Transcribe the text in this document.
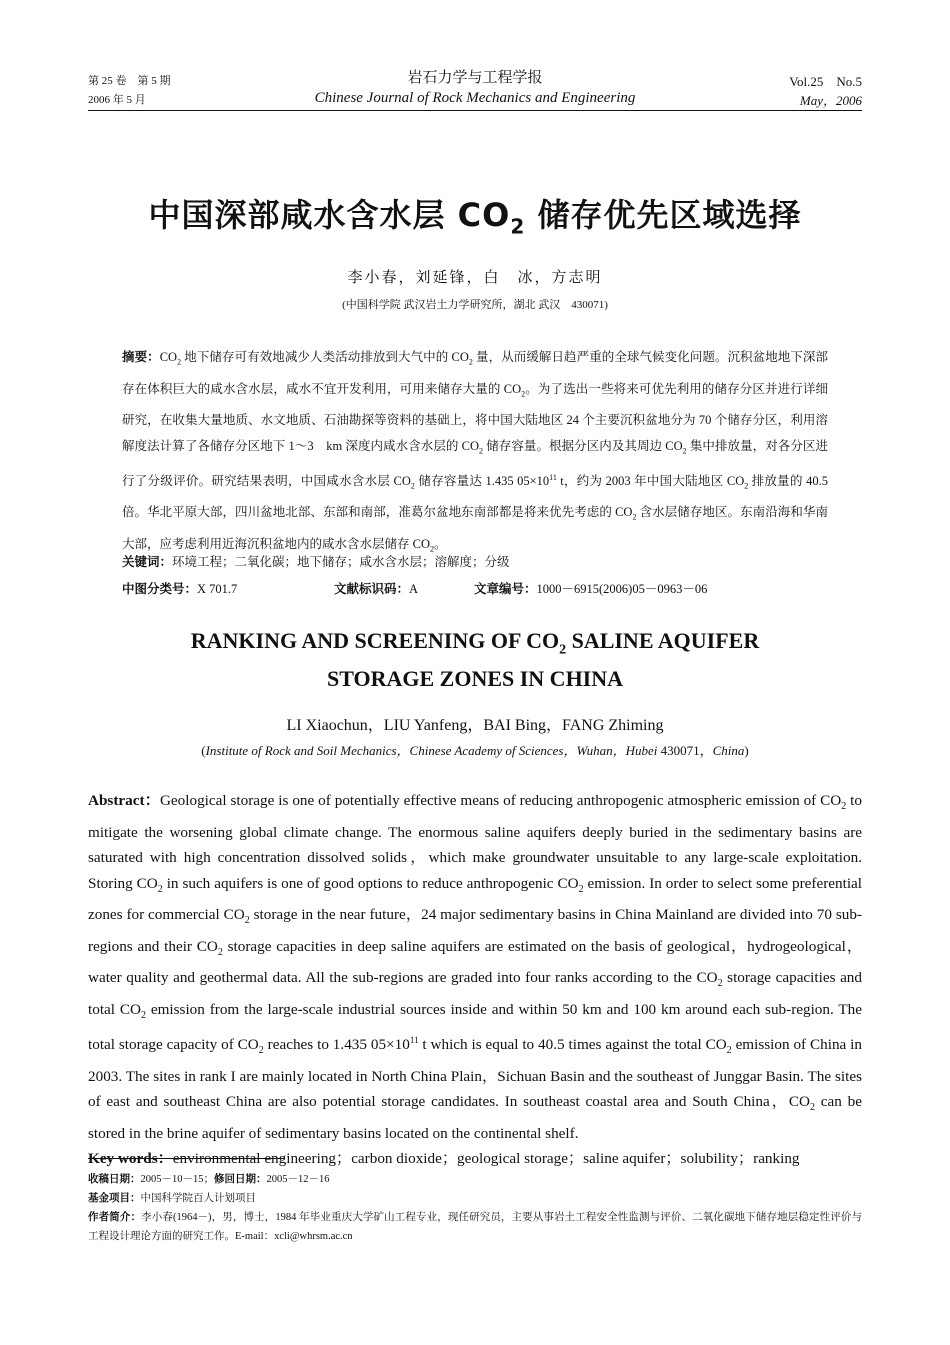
第 25 卷　第 5 期
2006 年 5 月
岩石力学与工程学报
Chinese Journal of Rock Mechanics and Engineering
Vol.25　No.5
May，2006
中国深部咸水含水层 $CO_2$ 储存优先区域选择
李小春，刘延锋，白　冰，方志明
(中国科学院 武汉岩土力学研究所，湖北 武汉　430071)
摘要：$CO_2$ 地下储存可有效地减少人类活动排放到大气中的 $CO_2$ 量，从而缓解日趋严重的全球气候变化问题。沉积盆地地下深部存在体积巨大的咸水含水层，咸水不宜开发利用，可用来储存大量的 $CO_2$。为了选出一些将来可优先利用的储存分区并进行详细研究，在收集大量地质、水文地质、石油勘探等资料的基础上，将中国大陆地区 24 个主要沉积盆地分为 70 个储存分区，利用溶解度法计算了各储存分区地下 1～3　km 深度内咸水含水层的 $CO_2$ 储存容量。根据分区内及其周边 $CO_2$ 集中排放量，对各分区进行了分级评价。研究结果表明，中国咸水含水层 $CO_2$ 储存容量达 1.435 $05\times 10^{11}$ t，约为 2003 年中国大陆地区 $CO_2$ 排放量的 40.5 倍。华北平原大部，四川盆地北部、东部和南部，准葛尔盆地东南部都是将来优先考虑的 $CO_2$ 含水层储存地区。东南沿海和华南大部，应考虑利用近海沉积盆地内的咸水含水层储存 $CO_2$。
关键词：环境工程；二氧化碳；地下储存；咸水含水层；溶解度；分级
中图分类号：X 701.7	文献标识码：A	文章编号：1000－6915(2006)05－0963－06
RANKING AND SCREENING OF $CO_2$ SALINE AQUIFER
STORAGE ZONES IN CHINA
LI Xiaochun，LIU Yanfeng，BAI Bing，FANG Zhiming
(Institute of Rock and Soil Mechanics，Chinese Academy of Sciences，Wuhan，Hubei 430071，China)
Abstract：Geological storage is one of potentially effective means of reducing anthropogenic atmospheric emission of $CO_2$ to mitigate the worsening global climate change. The enormous saline aquifers deeply buried in the sedimentary basins are saturated with high concentration dissolved solids，which make groundwater unsuitable to any large-scale exploitation. Storing $CO_2$ in such aquifers is one of good options to reduce anthropogenic $CO_2$ emission. In order to select some preferential zones for commercial $CO_2$ storage in the near future，24 major sedimentary basins in China Mainland are divided into 70 sub-regions and their $CO_2$ storage capacities in deep saline aquifers are estimated on the basis of geological，hydrogeological，water quality and geothermal data. All the sub-regions are graded into four ranks according to the $CO_2$ storage capacities and total $CO_2$ emission from the large-scale industrial sources inside and within 50 km and 100 km around each sub-region. The total storage capacity of $CO_2$ reaches to 1.435 $05\times 10^{11}$ t which is equal to 40.5 times against the total $CO_2$ emission of China in 2003. The sites in rank I are mainly located in North China Plain，Sichuan Basin and the southeast of Junggar Basin. The sites of east and southeast China are also potential storage candidates. In southeast coastal area and South China，$CO_2$ can be stored in the brine aquifer of sedimentary basins located on the continental shelf.
Key words：environmental engineering；carbon dioxide；geological storage；saline aquifer；solubility；ranking
收稿日期：2005－10－15；修回日期：2005－12－16
基金项目：中国科学院百人计划项目
作者简介：李小春(1964－)，男，博士，1984 年毕业重庆大学矿山工程专业，现任研究员，主要从事岩土工程安全性监测与评价、二氧化碳地下储存地层稳定性评价与工程设计理论方面的研究工作。E-mail：xcli@whrsm.ac.cn
